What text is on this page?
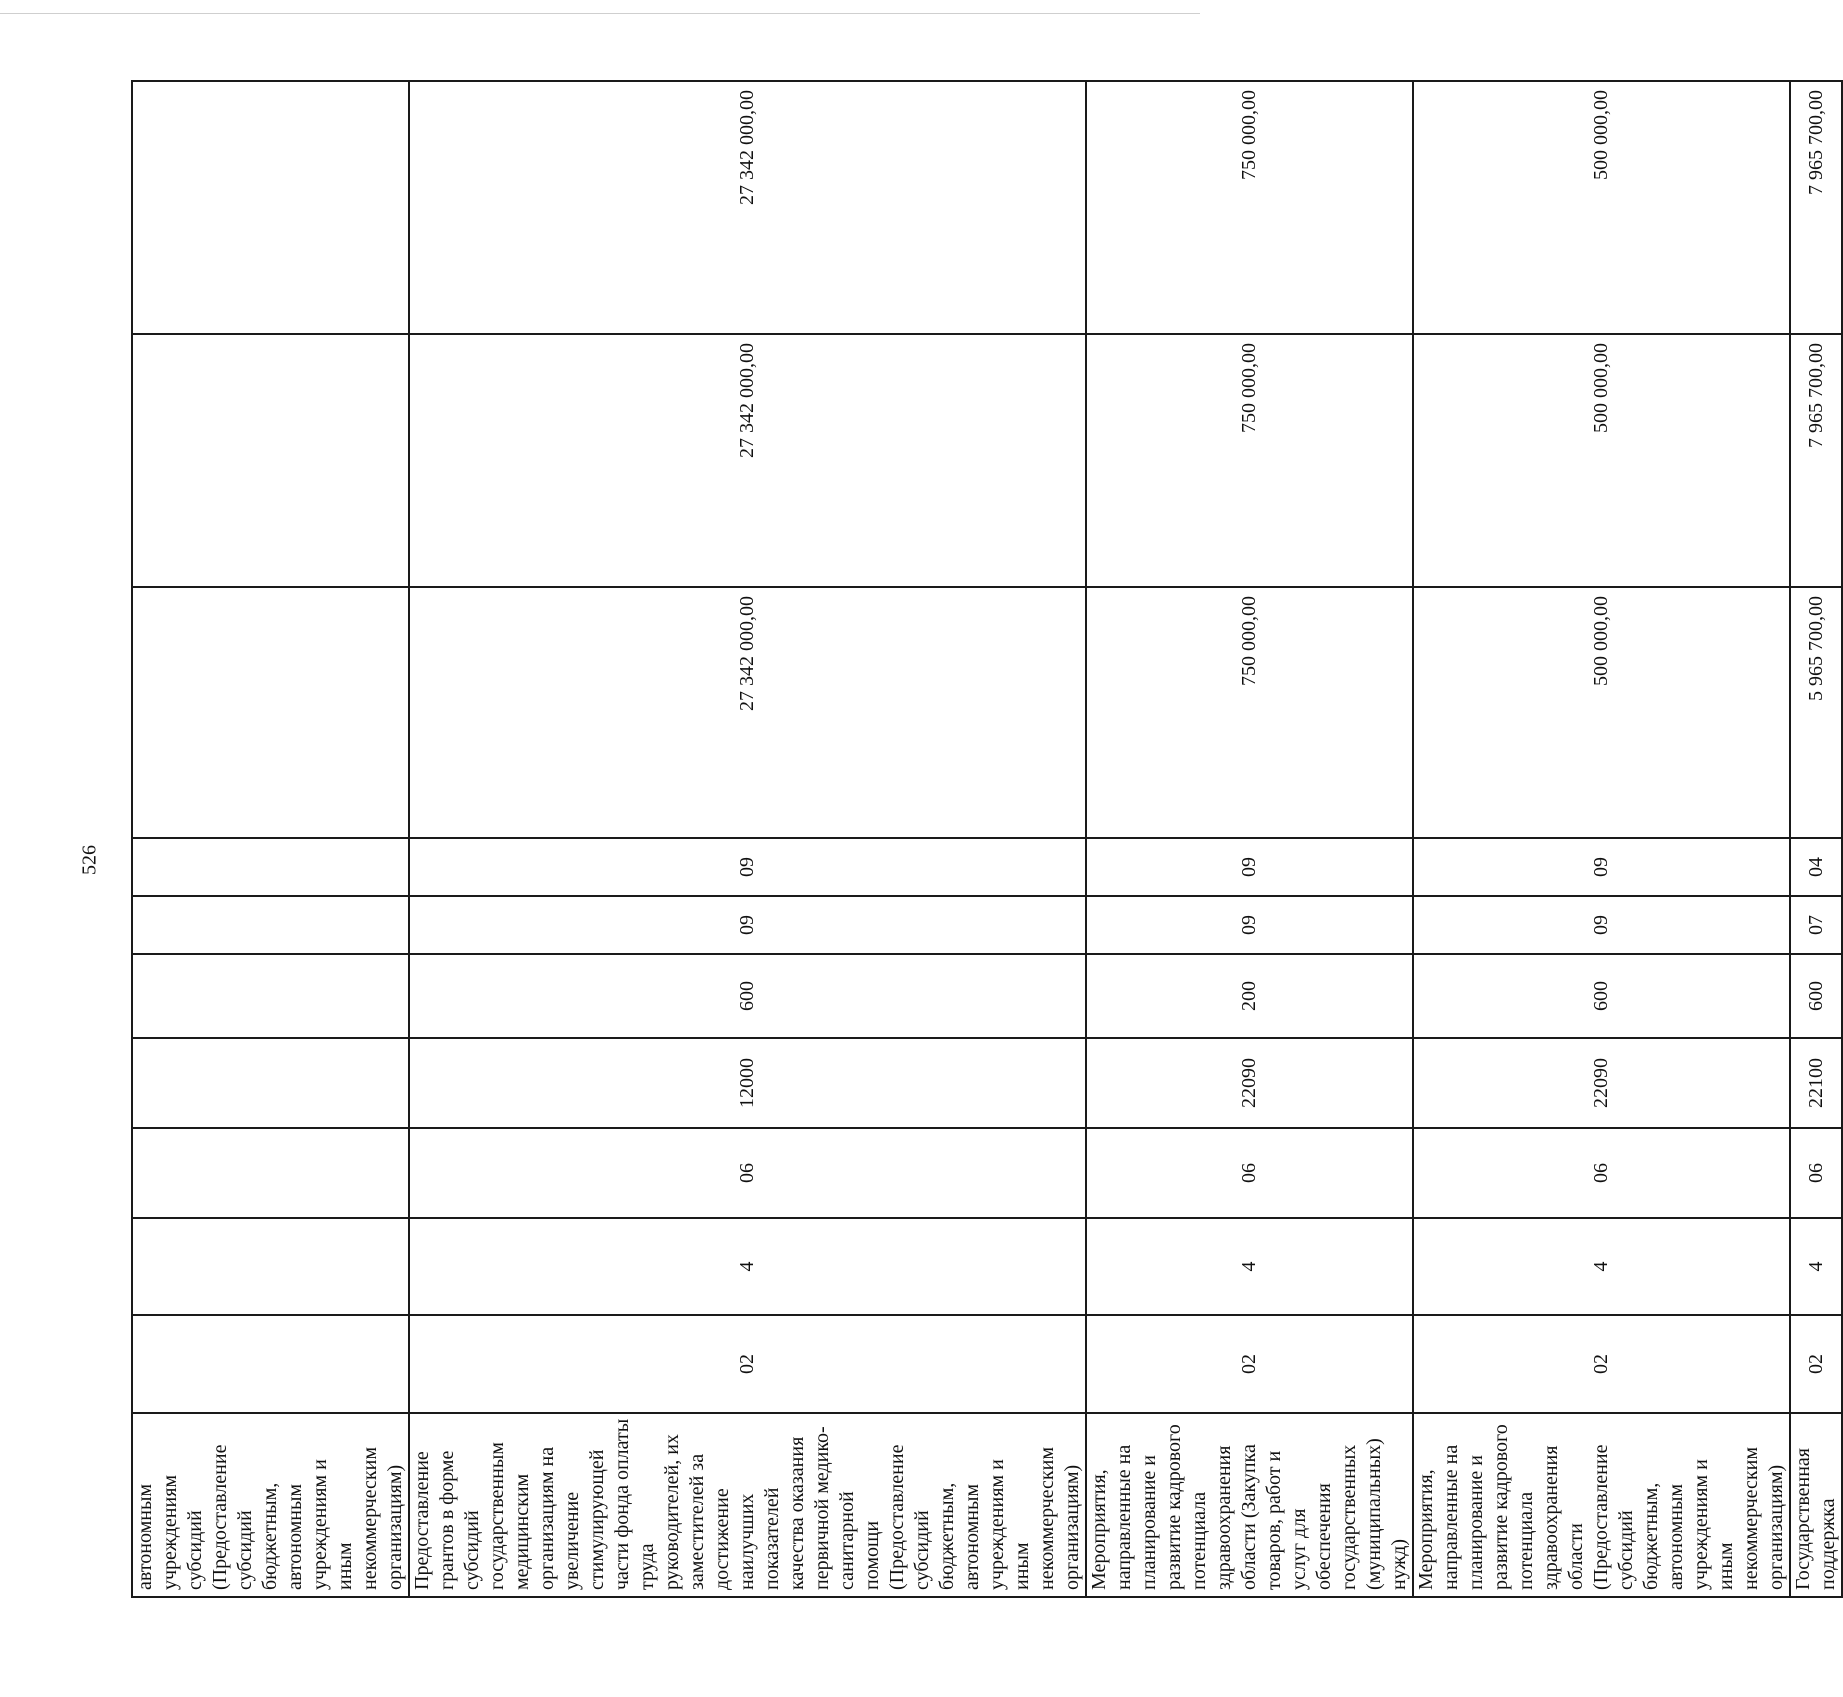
526
автономным учреждениям субсидий (Предоставление субсидий бюджетным, автономным учреждениям и иным некоммерческим организациям)										
Предоставление грантов в форме субсидий государственным медицинским организациям на увеличение стимулирующей части фонда оплаты труда руководителей, их заместителей за достижение наилучших показателей качества оказания первичной медико-санитарной помощи (Предоставление субсидий бюджетным, автономным учреждениям и иным некоммерческим организациям)	02	4	06	12000	600	09	09	27 342 000,00	27 342 000,00	27 342 000,00
Мероприятия, направленные на планирование и развитие кадрового потенциала здравоохранения области (Закупка товаров, работ и услуг для обеспечения государственных (муниципальных) нужд)	02	4	06	22090	200	09	09	750 000,00	750 000,00	750 000,00
Мероприятия, направленные на планирование и развитие кадрового потенциала здравоохранения области (Предоставление субсидий бюджетным, автономным учреждениям и иным некоммерческим организациям)	02	4	06	22090	600	09	09	500 000,00	500 000,00	500 000,00
Государственная поддержка	02	4	06	22100	600	07	04	5 965 700,00	7 965 700,00	7 965 700,00
